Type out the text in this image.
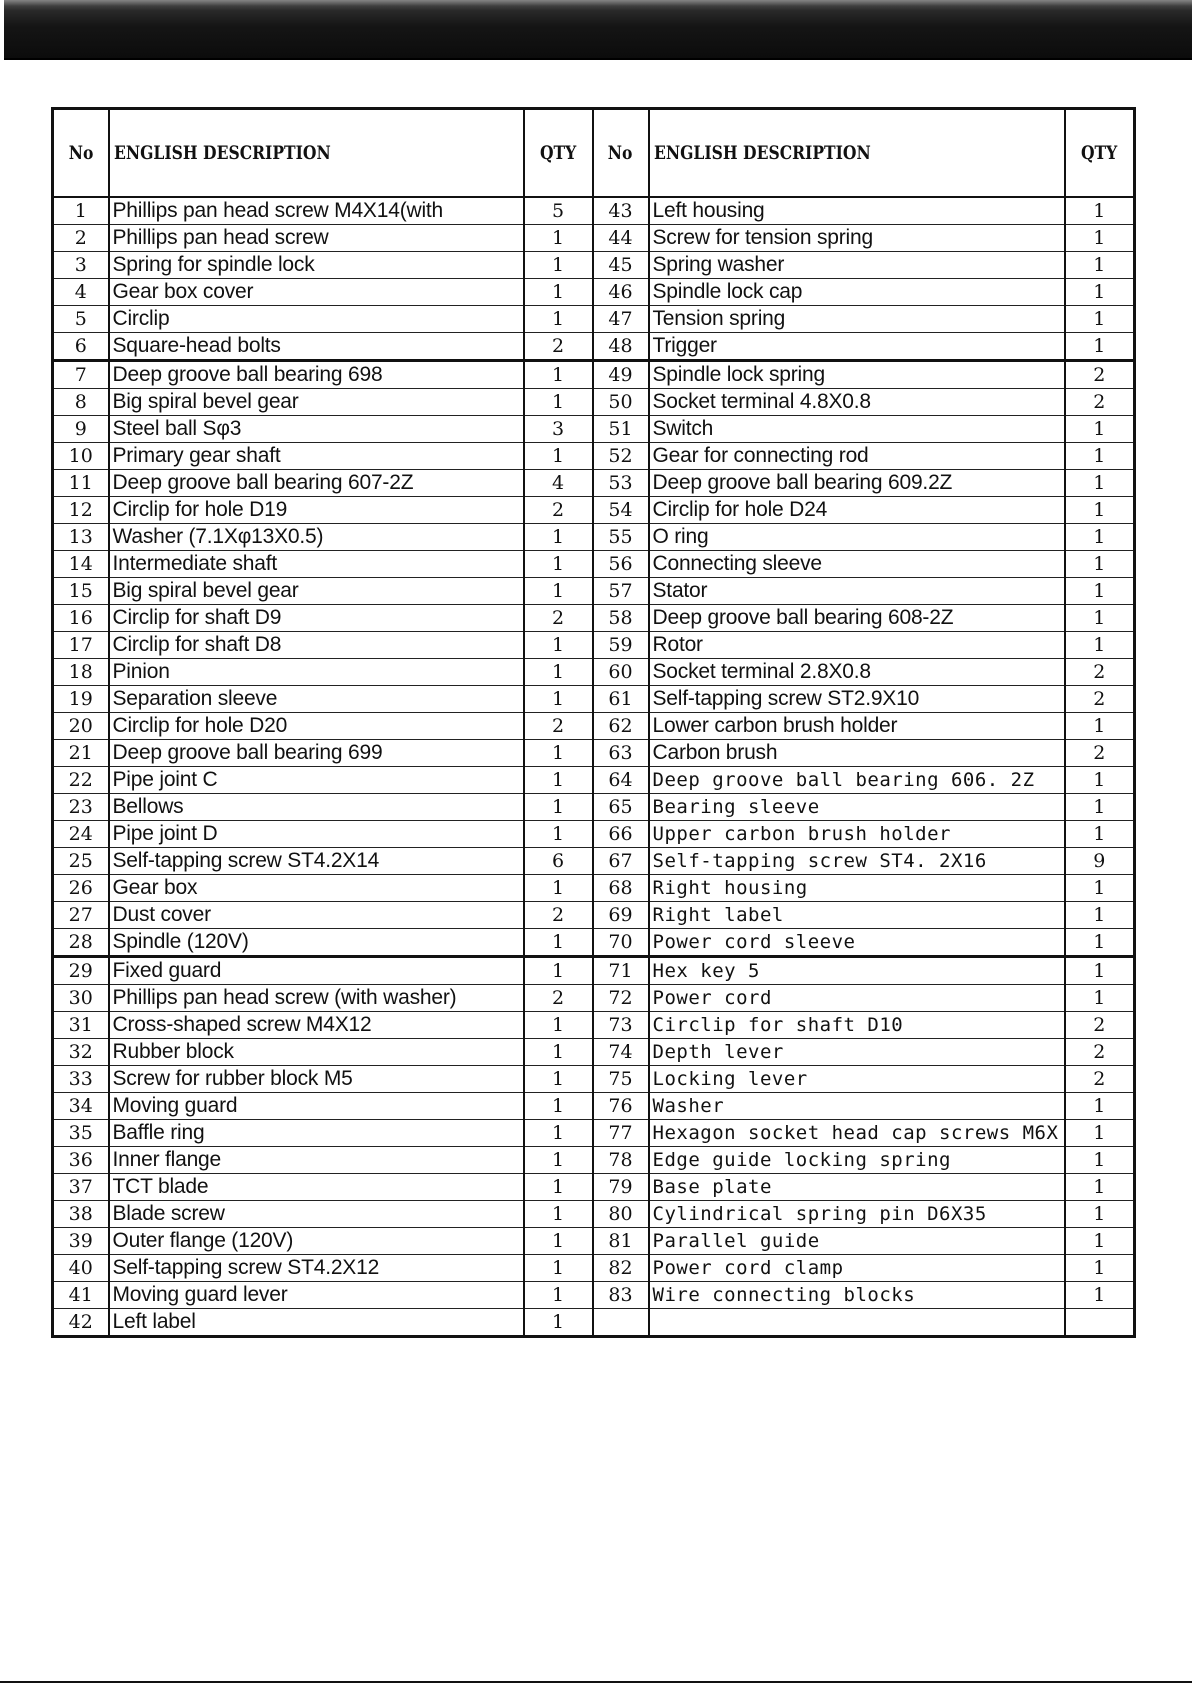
No	ENGLISH DESCRIPTION	QTY	No	ENGLISH DESCRIPTION	QTY
1	Phillips pan head screw M4X14(with	5	43	Left housing	1
2	Phillips pan head screw	1	44	Screw for tension spring	1
3	Spring for spindle lock	1	45	Spring washer	1
4	Gear box cover	1	46	Spindle lock cap	1
5	Circlip	1	47	Tension spring	1
6	Square-head bolts	2	48	Trigger	1
7	Deep groove ball bearing 698	1	49	Spindle lock spring	2
8	Big spiral bevel gear	1	50	Socket terminal 4.8X0.8	2
9	Steel ball Sφ3	3	51	Switch	1
10	Primary gear shaft	1	52	Gear for connecting rod	1
11	Deep groove ball bearing 607-2Z	4	53	Deep groove ball bearing 609.2Z	1
12	Circlip for hole D19	2	54	Circlip for hole D24	1
13	Washer (7.1Xφ13X0.5)	1	55	O ring	1
14	Intermediate shaft	1	56	Connecting sleeve	1
15	Big spiral bevel gear	1	57	Stator	1
16	Circlip for shaft D9	2	58	Deep groove ball bearing 608-2Z	1
17	Circlip for shaft D8	1	59	Rotor	1
18	Pinion	1	60	Socket terminal 2.8X0.8	2
19	Separation sleeve	1	61	Self-tapping screw ST2.9X10	2
20	Circlip for hole D20	2	62	Lower carbon brush holder	1
21	Deep groove ball bearing 699	1	63	Carbon brush	2
22	Pipe joint C	1	64	Deep groove ball bearing 606. 2Z	1
23	Bellows	1	65	Bearing sleeve	1
24	Pipe joint D	1	66	Upper carbon brush holder	1
25	Self-tapping screw ST4.2X14	6	67	Self-tapping screw ST4. 2X16	9
26	Gear box	1	68	Right housing	1
27	Dust cover	2	69	Right label	1
28	Spindle (120V)	1	70	Power cord sleeve	1
29	Fixed guard	1	71	Hex key 5	1
30	Phillips pan head screw (with washer)	2	72	Power cord	1
31	Cross-shaped screw M4X12	1	73	Circlip for shaft D10	2
32	Rubber block	1	74	Depth lever	2
33	Screw for rubber block M5	1	75	Locking lever	2
34	Moving guard	1	76	Washer	1
35	Baffle ring	1	77	Hexagon socket head cap screws M6X	1
36	Inner flange	1	78	Edge guide locking spring	1
37	TCT blade	1	79	Base plate	1
38	Blade screw	1	80	Cylindrical spring pin D6X35	1
39	Outer flange (120V)	1	81	Parallel guide	1
40	Self-tapping screw ST4.2X12	1	82	Power cord clamp	1
41	Moving guard lever	1	83	Wire connecting blocks	1
42	Left label	1			
